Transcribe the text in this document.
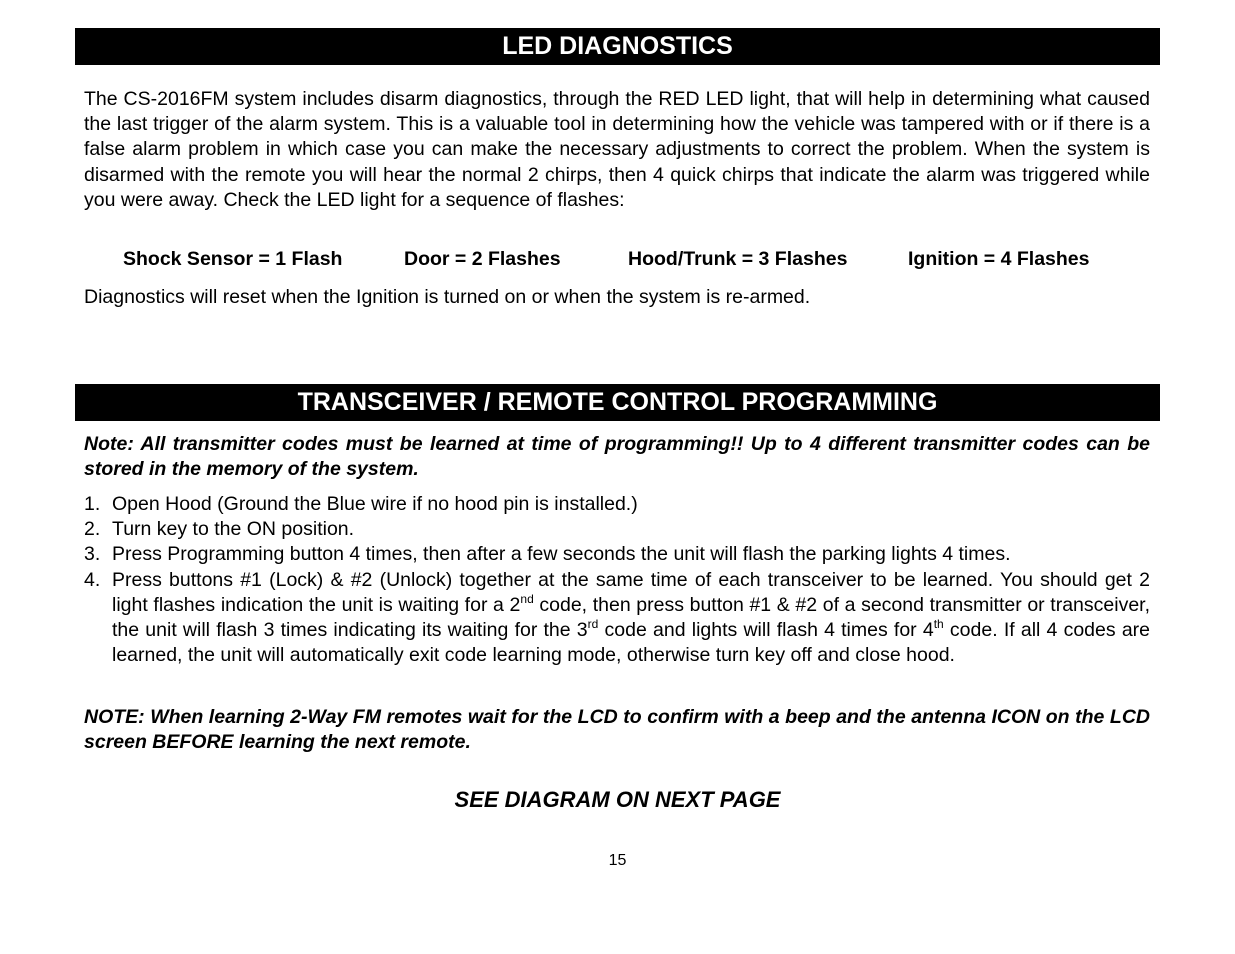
LED DIAGNOSTICS
The CS-2016FM system includes disarm diagnostics, through the RED LED light, that will help in determining what caused the last trigger of the alarm system. This is a valuable tool in determining how the vehicle was tampered with or if there is a false alarm problem in which case you can make the necessary adjustments to correct the problem. When the system is disarmed with the remote you will hear the normal 2 chirps, then 4 quick chirps that indicate the alarm was triggered while you were away. Check the LED light for a sequence of flashes:
Shock Sensor = 1 Flash	Door = 2 Flashes	Hood/Trunk = 3 Flashes	Ignition = 4 Flashes
Diagnostics will reset when the Ignition is turned on or when the system is re-armed.
TRANSCEIVER / REMOTE CONTROL PROGRAMMING
Note: All transmitter codes must be learned at time of programming!! Up to 4 different transmitter codes can be stored in the memory of the system.
1. Open Hood (Ground the Blue wire if no hood pin is installed.)
2. Turn key to the ON position.
3. Press Programming button 4 times, then after a few seconds the unit will flash the parking lights 4 times.
4. Press buttons #1 (Lock) & #2 (Unlock) together at the same time of each transceiver to be learned. You should get 2 light flashes indication the unit is waiting for a 2nd code, then press button #1 & #2 of a second transmitter or transceiver, the unit will flash 3 times indicating its waiting for the 3rd code and lights will flash 4 times for 4th code. If all 4 codes are learned, the unit will automatically exit code learning mode, otherwise turn key off and close hood.
NOTE: When learning 2-Way FM remotes wait for the LCD to confirm with a beep and the antenna ICON on the LCD screen BEFORE learning the next remote.
SEE DIAGRAM ON NEXT PAGE
15
